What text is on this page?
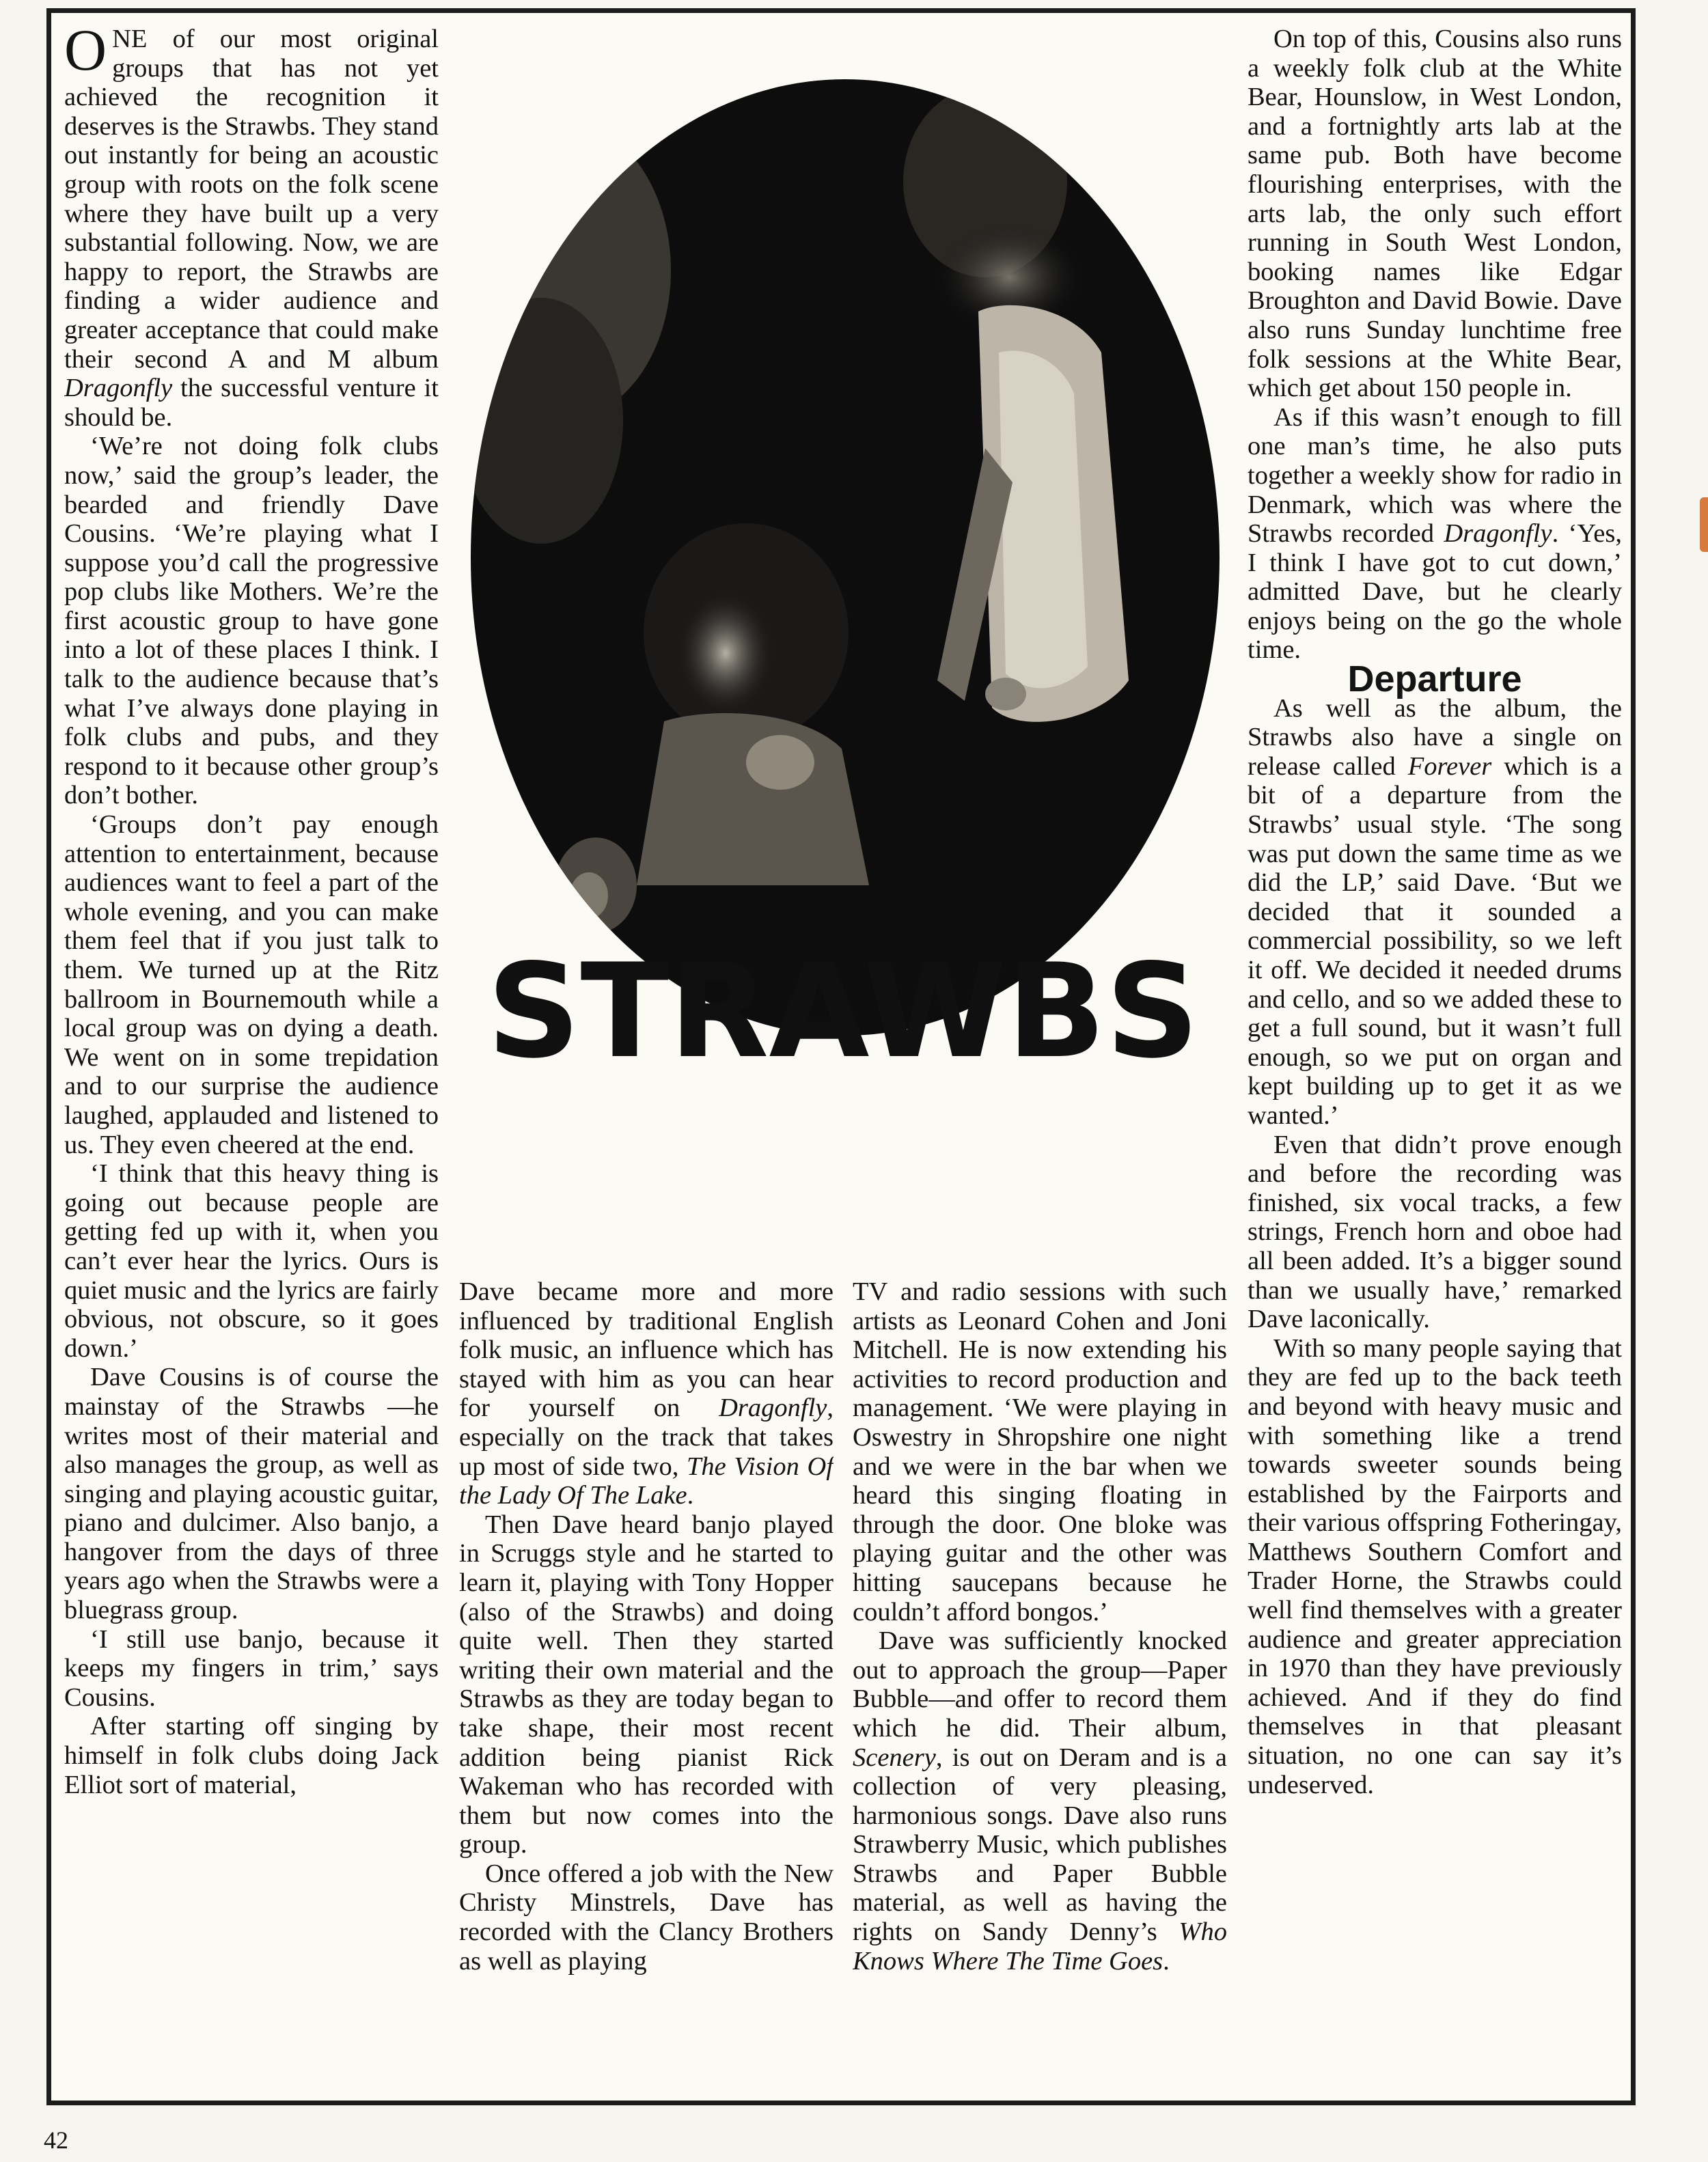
ONE of our most original groups that has not yet achieved the recognition it deserves is the Strawbs. They stand out instantly for being an acoustic group with roots on the folk scene where they have built up a very substantial following. Now, we are happy to report, the Strawbs are finding a wider audience and greater acceptance that could make their second A and M album Dragonfly the successful venture it should be.

‘We’re not doing folk clubs now,’ said the group’s leader, the bearded and friendly Dave Cousins. ‘We’re playing what I suppose you’d call the progressive pop clubs like Mothers. We’re the first acoustic group to have gone into a lot of these places I think. I talk to the audience because that’s what I’ve always done playing in folk clubs and pubs, and they respond to it because other group’s don’t bother.

‘Groups don’t pay enough attention to entertainment, because audiences want to feel a part of the whole evening, and you can make them feel that if you just talk to them. We turned up at the Ritz ballroom in Bournemouth while a local group was on dying a death. We went on in some trepidation and to our surprise the audience laughed, applauded and listened to us. They even cheered at the end.

‘I think that this heavy thing is going out because people are getting fed up with it, when you can’t ever hear the lyrics. Ours is quiet music and the lyrics are fairly obvious, not obscure, so it goes down.’

Dave Cousins is of course the mainstay of the Strawbs —he writes most of their material and also manages the group, as well as singing and playing acoustic guitar, piano and dulcimer. Also banjo, a hangover from the days of three years ago when the Strawbs were a bluegrass group.

‘I still use banjo, because it keeps my fingers in trim,’ says Cousins.

After starting off singing by himself in folk clubs doing Jack Elliot sort of material,

STRAWBS

Dave became more and more influenced by traditional English folk music, an influence which has stayed with him as you can hear for yourself on Dragonfly, especially on the track that takes up most of side two, The Vision Of the Lady Of The Lake.

Then Dave heard banjo played in Scruggs style and he started to learn it, playing with Tony Hopper (also of the Strawbs) and doing quite well. Then they started writing their own material and the Strawbs as they are today began to take shape, their most recent addition being pianist Rick Wakeman who has recorded with them but now comes into the group.

Once offered a job with the New Christy Minstrels, Dave has recorded with the Clancy Brothers as well as playing

TV and radio sessions with such artists as Leonard Cohen and Joni Mitchell. He is now extending his activities to record production and management. ‘We were playing in Oswestry in Shropshire one night and we were in the bar when we heard this singing floating in through the door. One bloke was playing guitar and the other was hitting saucepans because he couldn’t afford bongos.’

Dave was sufficiently knocked out to approach the group—Paper Bubble—and offer to record them which he did. Their album, Scenery, is out on Deram and is a collection of very pleasing, harmonious songs. Dave also runs Strawberry Music, which publishes Strawbs and Paper Bubble material, as well as having the rights on Sandy Denny’s Who Knows Where The Time Goes.

On top of this, Cousins also runs a weekly folk club at the White Bear, Hounslow, in West London, and a fortnightly arts lab at the same pub. Both have become flourishing enterprises, with the arts lab, the only such effort running in South West London, booking names like Edgar Broughton and David Bowie. Dave also runs Sunday lunchtime free folk sessions at the White Bear, which get about 150 people in.

As if this wasn’t enough to fill one man’s time, he also puts together a weekly show for radio in Denmark, which was where the Strawbs recorded Dragonfly. ‘Yes, I think I have got to cut down,’ admitted Dave, but he clearly enjoys being on the go the whole time.

Departure

As well as the album, the Strawbs also have a single on release called Forever which is a bit of a departure from the Strawbs’ usual style. ‘The song was put down the same time as we did the LP,’ said Dave. ‘But we decided that it sounded a commercial possibility, so we left it off. We decided it needed drums and cello, and so we added these to get a full sound, but it wasn’t full enough, so we put on organ and kept building up to get it as we wanted.’

Even that didn’t prove enough and before the recording was finished, six vocal tracks, a few strings, French horn and oboe had all been added. It’s a bigger sound than we usually have,’ remarked Dave laconically.

With so many people saying that they are fed up to the back teeth and beyond with heavy music and with something like a trend towards sweeter sounds being established by the Fairports and their various offspring Fotheringay, Matthews Southern Comfort and Trader Horne, the Strawbs could well find themselves with a greater audience and greater appreciation in 1970 than they have previously achieved. And if they do find themselves in that pleasant situation, no one can say it’s undeserved.

42
